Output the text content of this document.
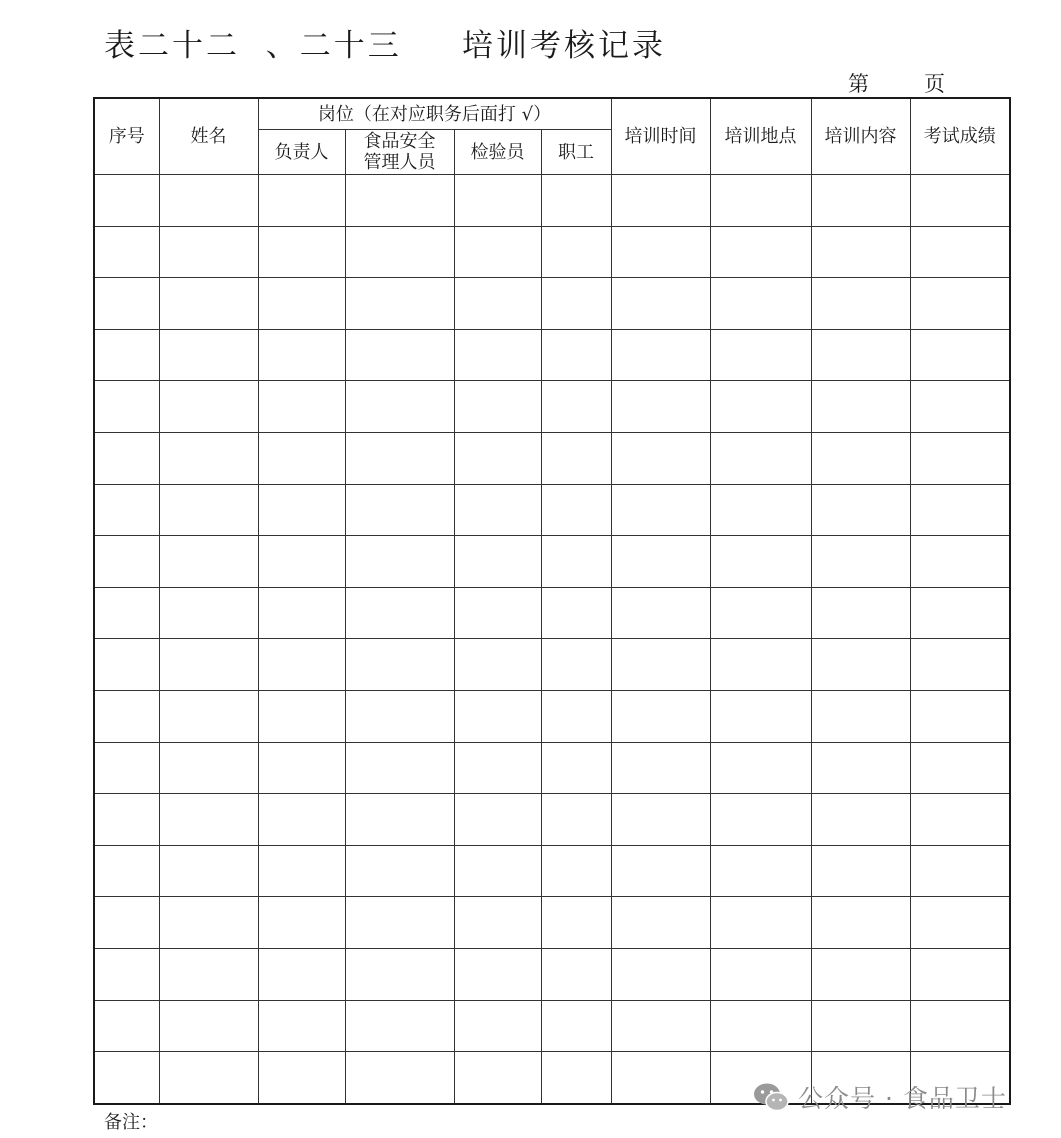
表二十二  、二十三 培训考核记录
第	页
序号	姓名	岗位（在对应职务后面打 √）				培训时间	培训地点	培训内容	考试成绩
		负责人	食品安全
管理人员	检验员	职工				

备注：
公众号 · 食品卫士
